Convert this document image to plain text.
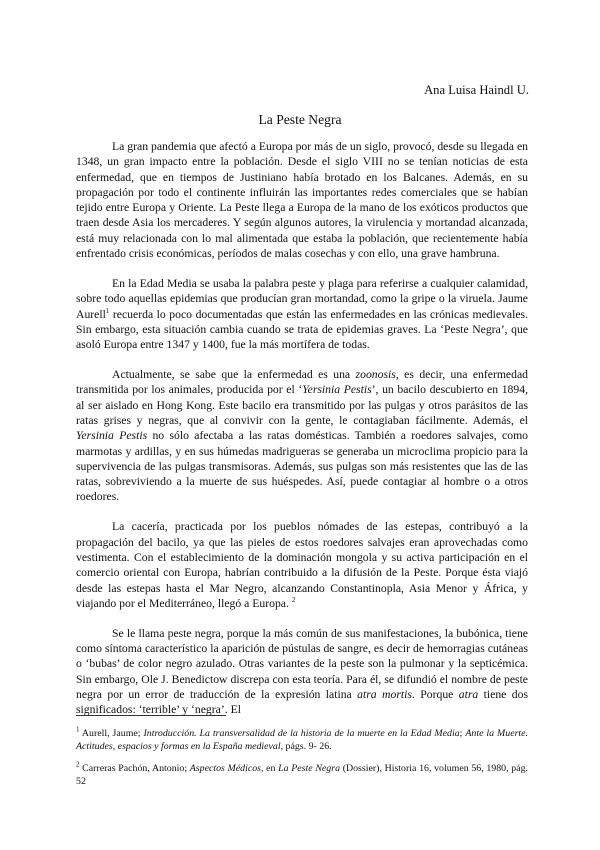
Ana Luisa Haindl U.
La Peste Negra

La gran pandemia que afectó a Europa por más de un siglo, provocó, desde su llegada en 1348, un gran impacto entre la población. Desde el siglo VIII no se tenían noticias de esta enfermedad, que en tiempos de Justiniano había brotado en los Balcanes. Además, en su propagación por todo el continente influirán las importantes redes comerciales que se habían tejido entre Europa y Oriente. La Peste llega a Europa de la mano de los exóticos productos que traen desde Asia los mercaderes. Y según algunos autores, la virulencia y mortandad alcanzada, está muy relacionada con lo mal alimentada que estaba la población, que recientemente había enfrentado crisis económicas, períodos de malas cosechas y con ello, una grave hambruna.

En la Edad Media se usaba la palabra peste y plaga para referirse a cualquier calamidad, sobre todo aquellas epidemias que producían gran mortandad, como la gripe o la viruela. Jaume Aurell$^1$ recuerda lo poco documentadas que están las enfermedades en las crónicas medievales. Sin embargo, esta situación cambia cuando se trata de epidemias graves. La ‘Peste Negra’, que asoló Europa entre 1347 y 1400, fue la más mortífera de todas.

Actualmente, se sabe que la enfermedad es una zoonosis, es decir, una enfermedad transmitida por los animales, producida por el ‘Yersinia Pestis’, un bacilo descubierto en 1894, al ser aislado en Hong Kong. Este bacilo era transmitido por las pulgas y otros parásitos de las ratas grises y negras, que al convivir con la gente, le contagiaban fácilmente. Además, el Yersinia Pestis no sólo afectaba a las ratas domésticas. También a roedores salvajes, como marmotas y ardillas, y en sus húmedas madrigueras se generaba un microclima propicio para la supervivencia de las pulgas transmisoras. Además, sus pulgas son más resistentes que las de las ratas, sobreviviendo a la muerte de sus huéspedes. Así, puede contagiar al hombre o a otros roedores.

La cacería, practicada por los pueblos nómades de las estepas, contribuyó a la propagación del bacilo, ya que las pieles de estos roedores salvajes eran aprovechadas como vestimenta. Con el establecimiento de la dominación mongola y su activa participación en el comercio oriental con Europa, habrían contribuido a la difusión de la Peste. Porque ésta viajó desde las estepas hasta el Mar Negro, alcanzando Constantinopla, Asia Menor y África, y viajando por el Mediterráneo, llegó a Europa. $^2$

Se le llama peste negra, porque la más común de sus manifestaciones, la bubónica, tiene como síntoma característico la aparición de pústulas de sangre, es decir de hemorragias cutáneas o ‘bubas’ de color negro azulado. Otras variantes de la peste son la pulmonar y la septicémica. Sin embargo, Ole J. Benedictow discrepa con esta teoría. Para él, se difundió el nombre de peste negra por un error de traducción de la expresión latina atra mortis. Porque atra tiene dos significados: ‘terrible’ y ‘negra’. El

$^1$ Aurell, Jaume; Introducción. La transversalidad de la historia de la muerte en la Edad Media; Ante la Muerte. Actitudes, espacios y formas en la España medieval, págs. 9- 26.
$^2$ Carreras Pachón, Antonio; Aspectos Médicos, en La Peste Negra (Dossier), Historia 16, volumen 56, 1980, pág. 52
